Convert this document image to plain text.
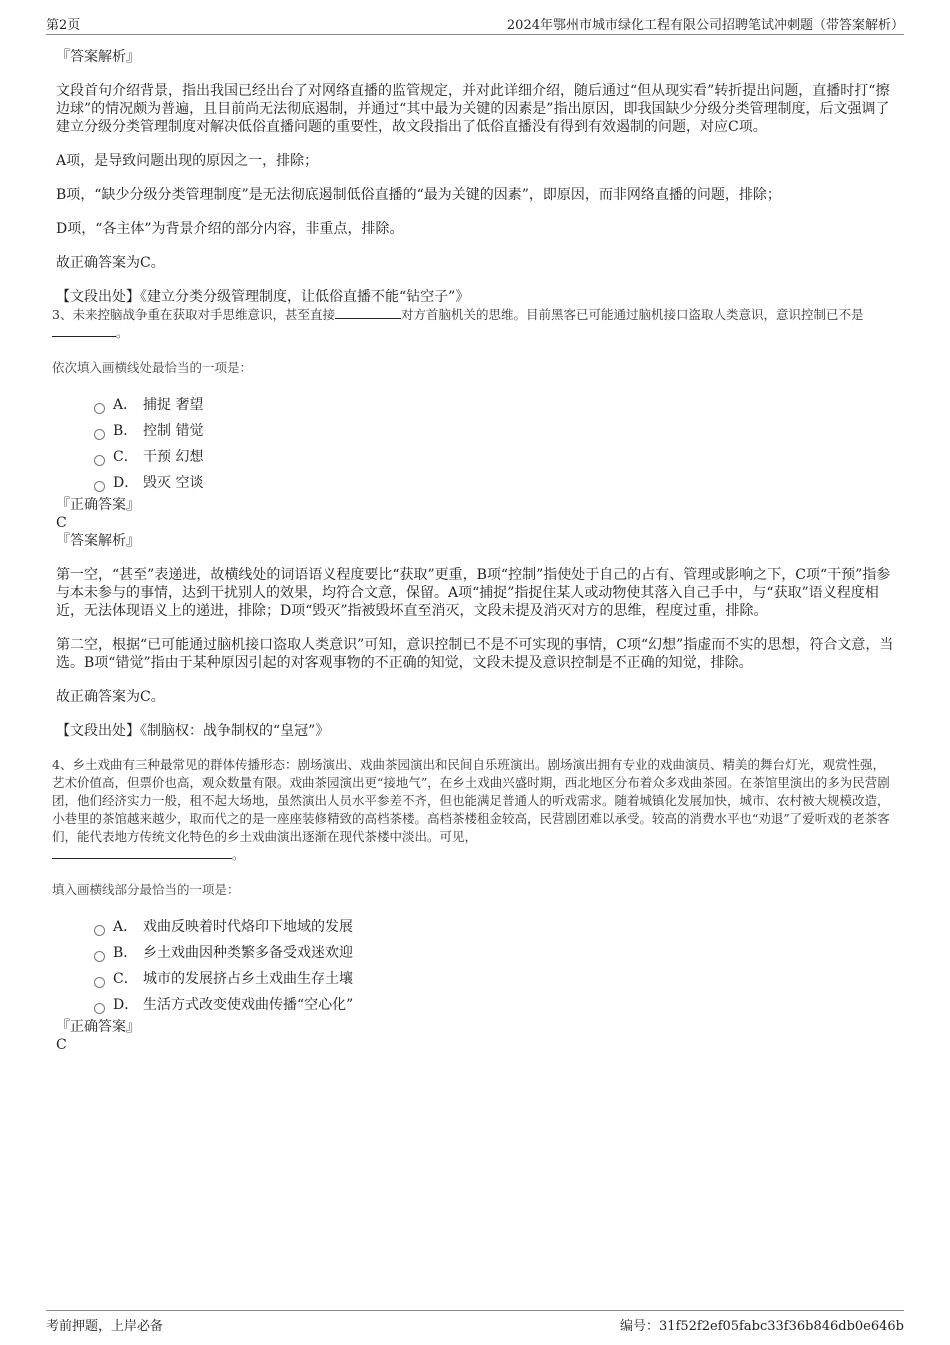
第2页	2024年鄂州市城市绿化工程有限公司招聘笔试冲刺题（带答案解析）
『答案解析』

文段首句介绍背景，指出我国已经出台了对网络直播的监管规定，并对此详细介绍，随后通过“但从现实看”转折提出问题，直播时打“擦边球”的情况颇为普遍，且目前尚无法彻底遏制，并通过“其中最为关键的因素是”指出原因，即我国缺少分级分类管理制度，后文强调了建立分级分类管理制度对解决低俗直播问题的重要性，故文段指出了低俗直播没有得到有效遏制的问题，对应C项。

A项，是导致问题出现的原因之一，排除；

B项，“缺少分级分类管理制度”是无法彻底遏制低俗直播的“最为关键的因素”，即原因，而非网络直播的问题，排除；

D项，“各主体”为背景介绍的部分内容，非重点，排除。

故正确答案为C。

【文段出处】《建立分类分级管理制度，让低俗直播不能“钻空子”》

3、未来控脑战争重在获取对手思维意识，甚至直接	对方首脑机关的思维。目前黑客已可能通过脑机接口盗取人类意识，意识控制已不是。
依次填入画横线处最恰当的一项是：
A． 捕捉 奢望
B． 控制 错觉
C． 干预 幻想
D． 毁灭 空谈
『正确答案』
C
『答案解析』

第一空，“甚至”表递进，故横线处的词语语义程度要比“获取”更重，B项“控制”指使处于自己的占有、管理或影响之下，C项“干预”指参与本未参与的事情，达到干扰别人的效果，均符合文意，保留。A项“捕捉”指捉住某人或动物使其落入自己手中，与“获取”语义程度相近，无法体现语义上的递进，排除；D项“毁灭”指被毁坏直至消灭，文段未提及消灭对方的思维，程度过重，排除。

第二空，根据“已可能通过脑机接口盗取人类意识”可知，意识控制已不是不可实现的事情，C项“幻想”指虚而不实的思想，符合文意，当选。B项“错觉”指由于某种原因引起的对客观事物的不正确的知觉，文段未提及意识控制是不正确的知觉，排除。

故正确答案为C。

【文段出处】《制脑权：战争制权的“皇冠”》

4、乡土戏曲有三种最常见的群体传播形态：剧场演出、戏曲茶园演出和民间自乐班演出。剧场演出拥有专业的戏曲演员、精美的舞台灯光，观赏性强，艺术价值高，但票价也高，观众数量有限。戏曲茶园演出更“接地气”，在乡土戏曲兴盛时期，西北地区分布着众多戏曲茶园。在茶馆里演出的多为民营剧团，他们经济实力一般，租不起大场地，虽然演出人员水平参差不齐，但也能满足普通人的听戏需求。随着城镇化发展加快，城市、农村被大规模改造，小巷里的茶馆越来越少，取而代之的是一座座装修精致的高档茶楼。高档茶楼租金较高，民营剧团难以承受。较高的消费水平也“劝退”了爱听戏的老茶客们，能代表地方传统文化特色的乡土戏曲演出逐渐在现代茶楼中淡出。可见，
。
填入画横线部分最恰当的一项是：
A． 戏曲反映着时代烙印下地域的发展
B． 乡土戏曲因种类繁多备受戏迷欢迎
C． 城市的发展挤占乡土戏曲生存土壤
D． 生活方式改变使戏曲传播“空心化”
『正确答案』
C
考前押题，上岸必备	编号：31f52f2ef05fabc33f36b846db0e646b
